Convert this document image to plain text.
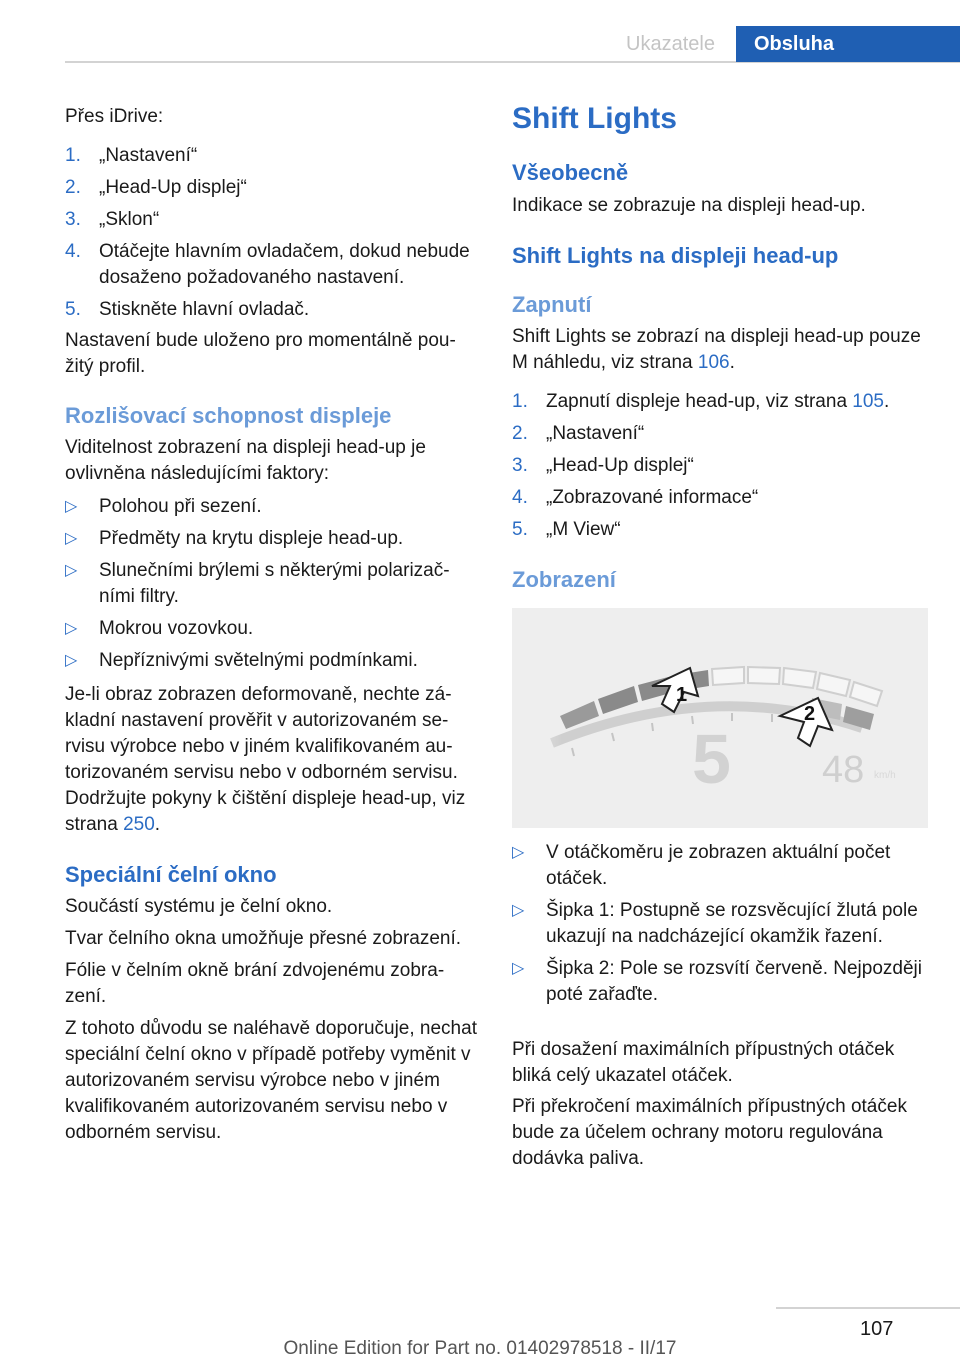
Ukazatele	Obsluha

Přes iDrive:

1. „Nastavení“
2. „Head-Up displej“
3. „Sklon“
4. Otáčejte hlavním ovladačem, dokud nebude dosaženo požadovaného nastavení.
5. Stiskněte hlavní ovladač.

Nastavení bude uloženo pro momentálně použitý profil.

Rozlišovací schopnost displeje

Viditelnost zobrazení na displeji head-up je ovlivněna následujícími faktory:

▷ Polohou při sezení.
▷ Předměty na krytu displeje head-up.
▷ Slunečními brýlemi s některými polarizačními filtry.
▷ Mokrou vozovkou.
▷ Nepříznivými světelnými podmínkami.

Je-li obraz zobrazen deformovaně, nechte základní nastavení prověřit v autorizovaném servisu výrobce nebo v jiném kvalifikovaném autorizovaném servisu nebo v odborném servisu.

Dodržujte pokyny k čištění displeje head-up, viz strana 250.

Speciální čelní okno

Součástí systému je čelní okno.

Tvar čelního okna umožňuje přesné zobrazení.

Fólie v čelním okně brání zdvojenému zobrazení.

Z tohoto důvodu se naléhavě doporučuje, nechat speciální čelní okno v případě potřeby vyměnit v autorizovaném servisu výrobce nebo v jiném kvalifikovaném autorizovaném servisu nebo v odborném servisu.

Shift Lights
Všeobecně

Indikace se zobrazuje na displeji head-up.

Shift Lights na displeji head-up
Zapnutí

Shift Lights se zobrazí na displeji head-up pouze M náhledu, viz strana 106.

1. Zapnutí displeje head-up, viz strana 105.
2. „Nastavení“
3. „Head-Up displej“
4. „Zobrazované informace“
5. „M View“
Zobrazení
▷ V otáčkoměru je zobrazen aktuální počet otáček.
▷ Šipka 1: Postupně se rozsvěcující žlutá pole ukazují na nadcházející okamžik řazení.
▷ Šipka 2: Pole se rozsvítí červeně. Nejpozději poté zařaďte.

Při dosažení maximálních přípustných otáček bliká celý ukazatel otáček.

Při překročení maximálních přípustných otáček bude za účelem ochrany motoru regulována dodávka paliva.

107
Online Edition for Part no. 01402978518 - II/17
